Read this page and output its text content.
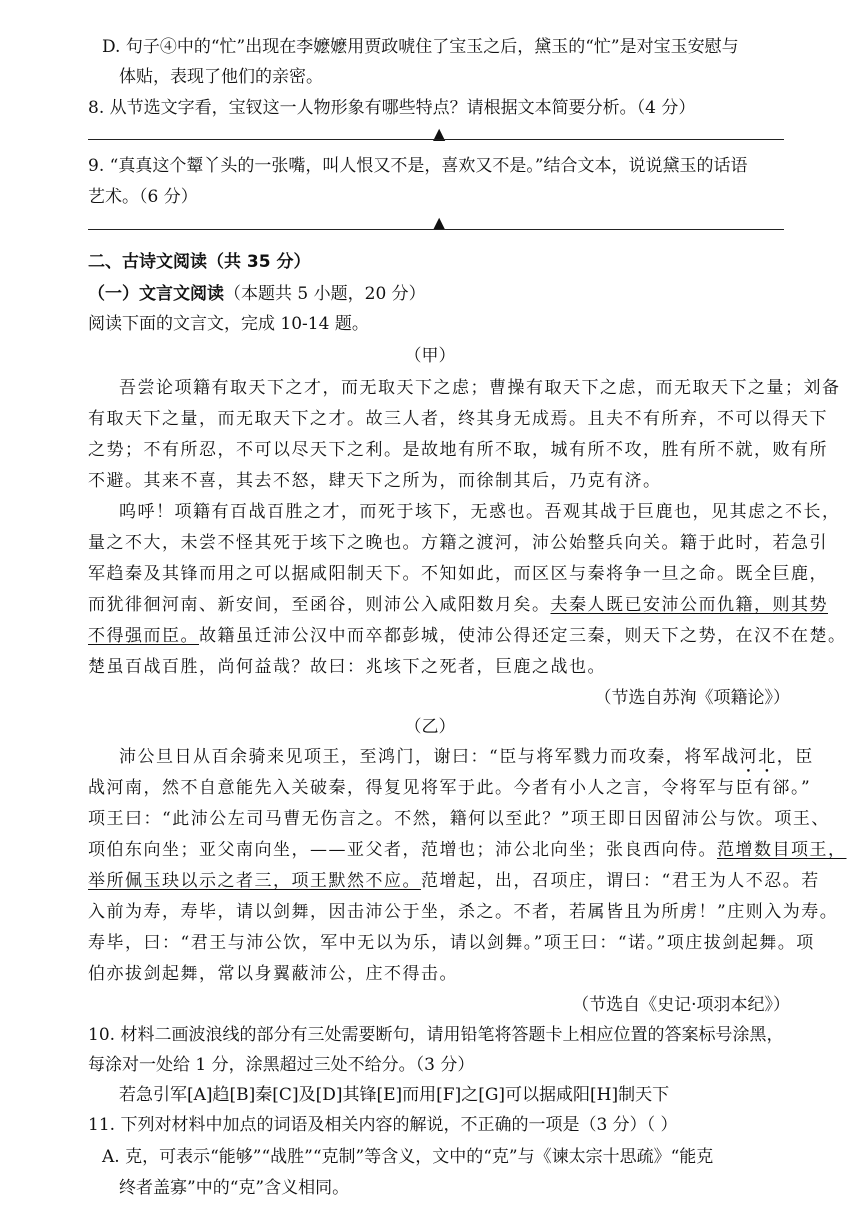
D. 句子④中的“忙”出现在李嬷嬷用贾政唬住了宝玉之后，黛玉的“忙”是对宝玉安慰与
体贴，表现了他们的亲密。
8. 从节选文字看，宝钗这一人物形象有哪些特点？请根据文本简要分析。（4 分）
▲
9. “真真这个颦丫头的一张嘴，叫人恨又不是，喜欢又不是。”结合文本，说说黛玉的话语
艺术。（6 分）
▲
二、古诗文阅读（共 35 分）
（一）文言文阅读（本题共 5 小题，20 分）
阅读下面的文言文，完成 10-14 题。
（甲）
吾尝论项籍有取天下之才，而无取天下之虑；曹操有取天下之虑，而无取天下之量；刘备
有取天下之量，而无取天下之才。故三人者，终其身无成焉。且夫不有所弃，不可以得天下
之势；不有所忍，不可以尽天下之利。是故地有所不取，城有所不攻，胜有所不就，败有所
不避。其来不喜，其去不怒，肆天下之所为，而徐制其后，乃克有济。
呜呼！项籍有百战百胜之才，而死于垓下，无惑也。吾观其战于巨鹿也，见其虑之不长，
量之不大，未尝不怪其死于垓下之晚也。方籍之渡河，沛公始整兵向关。籍于此时，若急引
军趋秦及其锋而用之可以据咸阳制天下。不知如此，而区区与秦将争一旦之命。既全巨鹿，
而犹徘徊河南、新安间，至函谷，则沛公入咸阳数月矣。夫秦人既已安沛公而仇籍，则其势
不得强而臣。故籍虽迁沛公汉中而卒都彭城，使沛公得还定三秦，则天下之势，在汉不在楚。
楚虽百战百胜，尚何益哉？故曰：兆垓下之死者，巨鹿之战也。
（节选自苏洵《项籍论》）
（乙）
沛公旦日从百余骑来见项王，至鸿门，谢曰：“臣与将军戮力而攻秦，将军战河北，臣
战河南，然不自意能先入关破秦，得复见将军于此。今者有小人之言，令将军与臣有郤。”
项王曰：“此沛公左司马曹无伤言之。不然，籍何以至此？”项王即日因留沛公与饮。项王、
项伯东向坐；亚父南向坐，——亚父者，范增也；沛公北向坐；张良西向侍。范增数目项王，
举所佩玉玦以示之者三，项王默然不应。范增起，出，召项庄，谓曰：“君王为人不忍。若
入前为寿，寿毕，请以剑舞，因击沛公于坐，杀之。不者，若属皆且为所虏！”庄则入为寿。
寿毕，曰：“君王与沛公饮，军中无以为乐，请以剑舞。”项王曰：“诺。”项庄拔剑起舞。项
伯亦拔剑起舞，常以身翼蔽沛公，庄不得击。
（节选自《史记·项羽本纪》）
10. 材料二画波浪线的部分有三处需要断句，请用铅笔将答题卡上相应位置的答案标号涂黑，
每涂对一处给 1 分，涂黑超过三处不给分。（3 分）
若急引军[A]趋[B]秦[C]及[D]其锋[E]而用[F]之[G]可以据咸阳[H]制天下
11. 下列对材料中加点的词语及相关内容的解说，不正确的一项是（3 分）（ ）
A. 克，可表示“能够”“战胜”“克制”等含义，文中的“克”与《谏太宗十思疏》“能克
终者盖寡”中的“克”含义相同。
